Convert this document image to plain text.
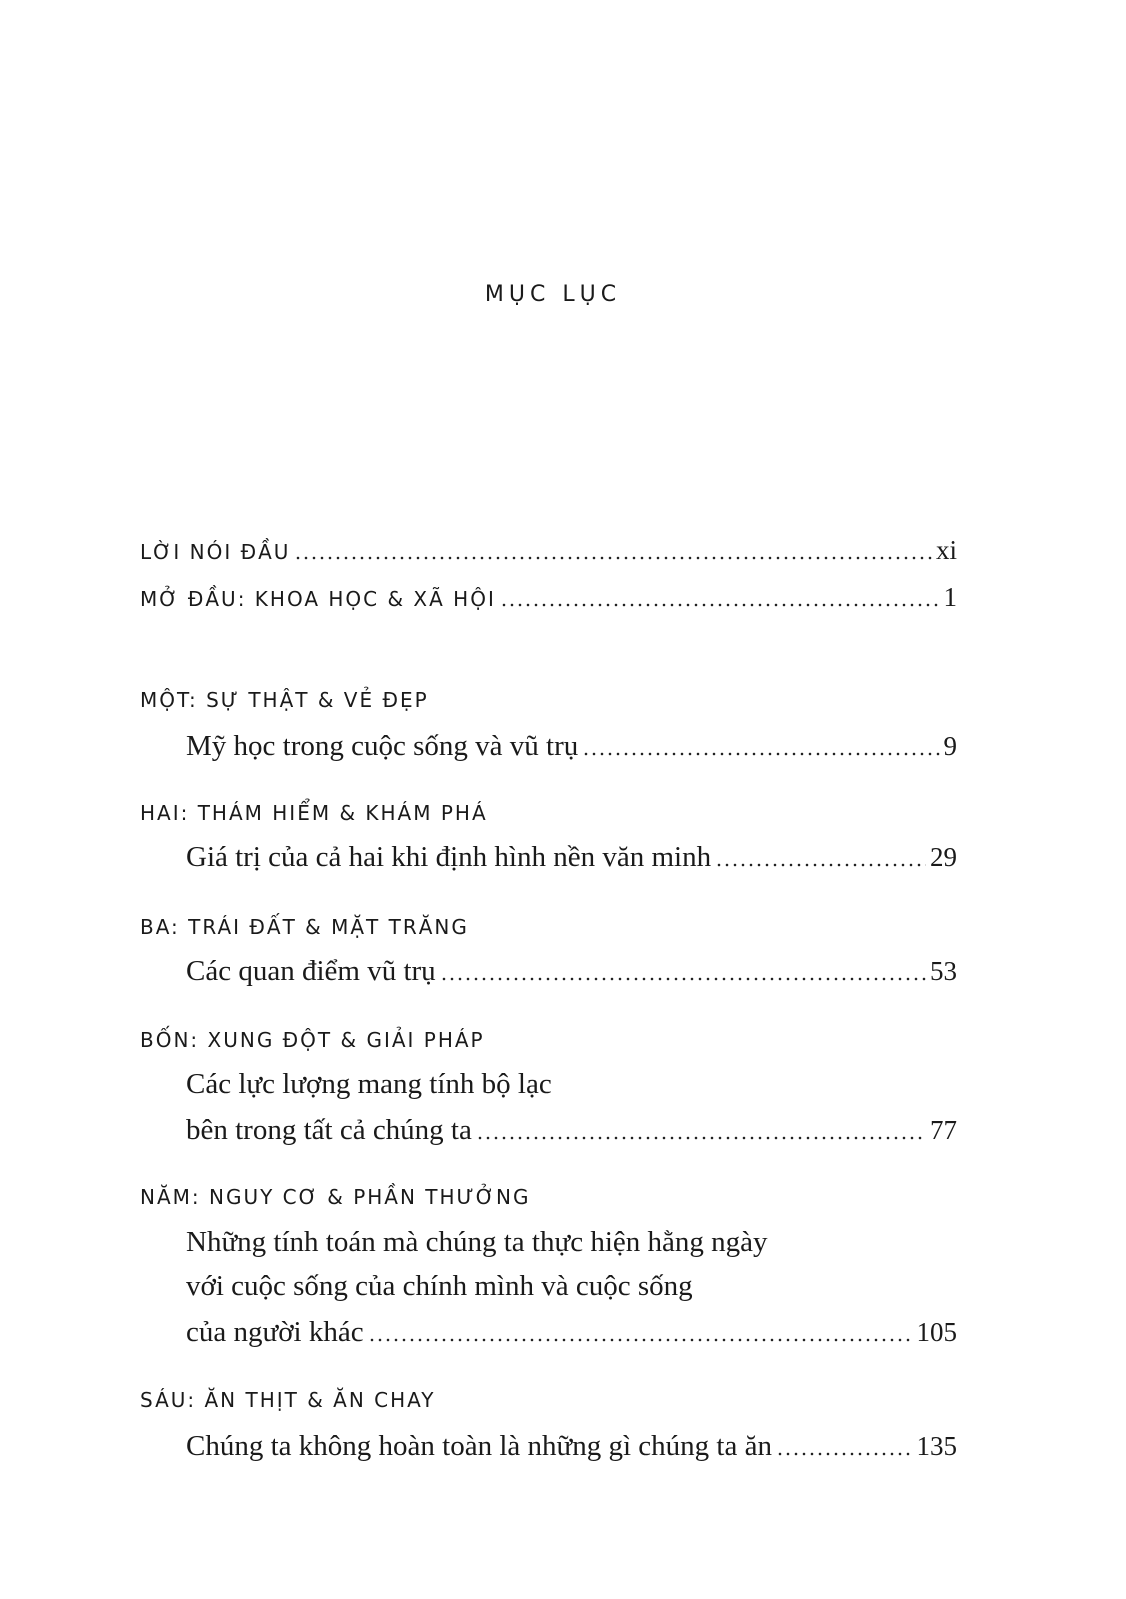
MỤC LỤC
LỜI NÓI ĐẦU	xi
MỞ ĐẦU: KHOA HỌC & XÃ HỘI	1
MỘT: SỰ THẬT & VẺ ĐẸP
Mỹ học trong cuộc sống và vũ trụ	9
HAI: THÁM HIỂM & KHÁM PHÁ
Giá trị của cả hai khi định hình nền văn minh	29
BA: TRÁI ĐẤT & MẶT TRĂNG
Các quan điểm vũ trụ	53
BỐN: XUNG ĐỘT & GIẢI PHÁP
Các lực lượng mang tính bộ lạc
bên trong tất cả chúng ta	77
NĂM: NGUY CƠ & PHẦN THƯỞNG
Những tính toán mà chúng ta thực hiện hằng ngày
với cuộc sống của chính mình và cuộc sống
của người khác	105
SÁU: ĂN THỊT & ĂN CHAY
Chúng ta không hoàn toàn là những gì chúng ta ăn	135
